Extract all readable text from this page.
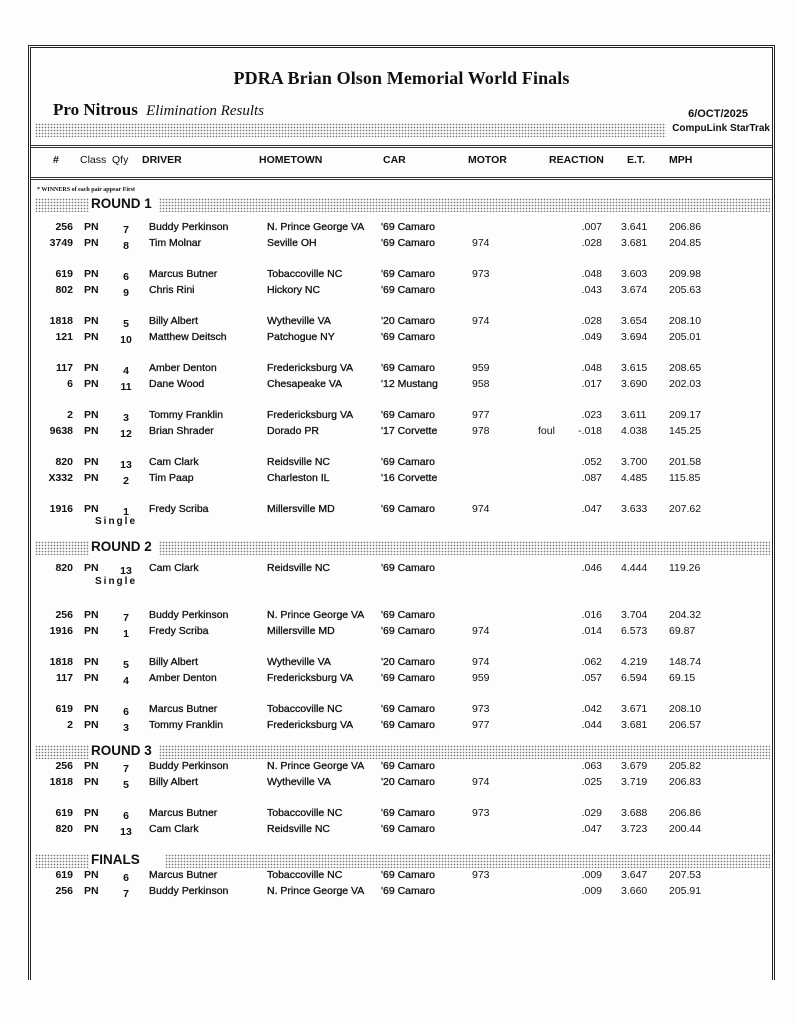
PDRA Brian Olson Memorial World Finals
Pro Nitrous Elimination Results	6/OCT/2025
CompuLink StarTrak
# Class Qfy DRIVER	HOMETOWN	CAR	MOTOR	REACTION E.T. MPH
* WINNERS of each pair appear First
ROUND 1
256 PN	7	Buddy Perkinson	N. Prince George VA '69 Camaro	.007 3.641 206.86
3749 PN	8	Tim Molnar	Seville OH	'69 Camaro	974	.028 3.681 204.85
619 PN	6	Marcus Butner	Tobaccoville NC	'69 Camaro	973	.048 3.603 209.98
802 PN	9	Chris Rini	Hickory NC	'69 Camaro	.043 3.674 205.63
1818 PN	5	Billy Albert	Wytheville VA	'20 Camaro	974	.028 3.654 208.10
121 PN 10 Matthew Deitsch	Patchogue NY	'69 Camaro	.049 3.694 205.01
117 PN	4	Amber Denton	Fredericksburg VA	'69 Camaro	959	.048 3.615 208.65
6 PN 11 Dane Wood	Chesapeake VA	'12 Mustang	958	.017 3.690 202.03
2 PN	3	Tommy Franklin	Fredericksburg VA	'69 Camaro	977	.023 3.611 209.17
9638 PN 12 Brian Shrader	Dorado PR	'17 Corvette	978	foul	-.018 4.038 145.25
820 PN 13 Cam Clark	Reidsville NC	'69 Camaro	.052 3.700 201.58
X332 PN	2	Tim Paap	Charleston IL	'16 Corvette	.087 4.485 115.85
1916 PN	1	Fredy Scriba	Millersville MD	'69 Camaro	974	.047 3.633 207.62
Single
ROUND 2
820 PN 13 Cam Clark	Reidsville NC	'69 Camaro	.046 4.444 119.26
256 PN	7	Buddy Perkinson	N. Prince George VA '69 Camaro	.016 3.704 204.32
1916 PN	1	Fredy Scriba	Millersville MD	'69 Camaro	974	.014 6.573 69.87
1818 PN	5	Billy Albert	Wytheville VA	'20 Camaro	974	.062 4.219 148.74
117 PN	4	Amber Denton	Fredericksburg VA	'69 Camaro	959	.057 6.594 69.15
619 PN	6	Marcus Butner	Tobaccoville NC	'69 Camaro	973	.042 3.671 208.10
2 PN	3	Tommy Franklin	Fredericksburg VA	'69 Camaro	977	.044 3.681 206.57
Single
ROUND 3
256 PN	7	Buddy Perkinson	N. Prince George VA '69 Camaro	.063 3.679 205.82
1818 PN	5	Billy Albert	Wytheville VA	'20 Camaro	974	.025 3.719 206.83
619 PN	6	Marcus Butner	Tobaccoville NC	'69 Camaro	973	.029 3.688 206.86
820 PN 13 Cam Clark	Reidsville NC	'69 Camaro	.047 3.723 200.44
FINALS
619 PN	6	Marcus Butner	Tobaccoville NC	'69 Camaro	973	.009 3.647 207.53
256 PN	7	Buddy Perkinson	N. Prince George VA '69 Camaro	.009 3.660 205.91
